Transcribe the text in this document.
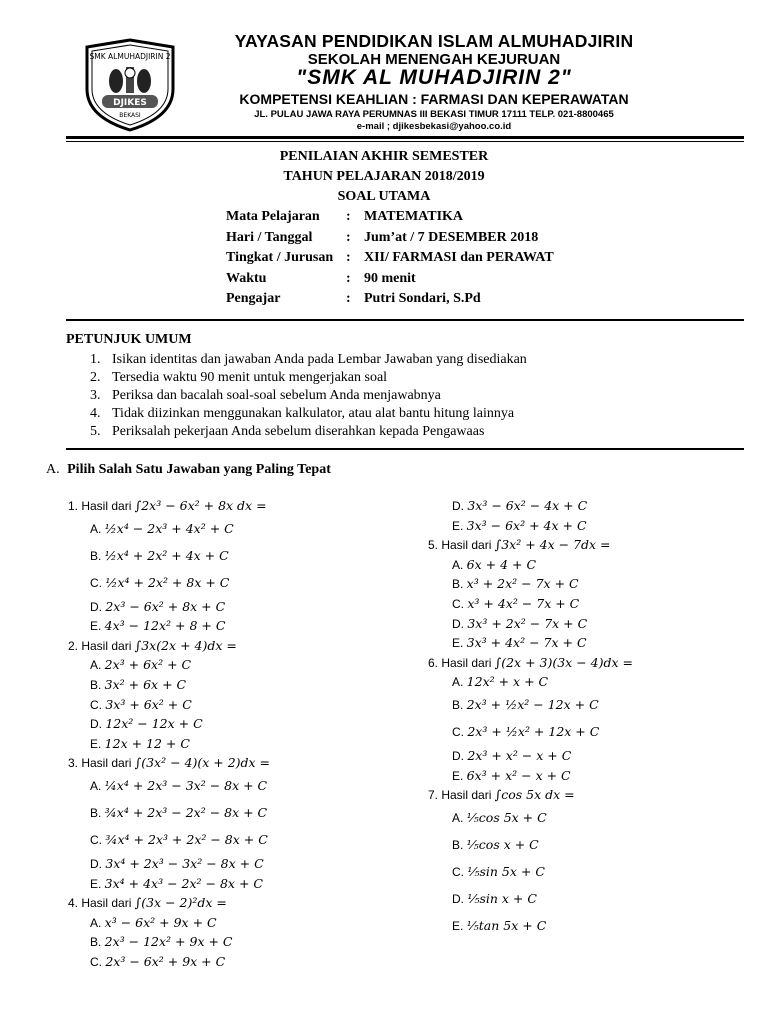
SMK ALMUHADJIRIN 2
DJIKES
BEKASI
YAYASAN PENDIDIKAN ISLAM ALMUHADJIRIN
SEKOLAH MENENGAH KEJURUAN
"SMK AL MUHADJIRIN 2"
KOMPETENSI KEAHLIAN : FARMASI DAN KEPERAWATAN
JL. PULAU JAWA RAYA PERUMNAS III BEKASI TIMUR 17111 TELP. 021-8800465
e-mail ; djikesbekasi@yahoo.co.id
PENILAIAN AKHIR SEMESTER
TAHUN PELAJARAN 2018/2019
SOAL UTAMA
Mata Pelajaran : MATEMATIKA
Hari / Tanggal : Jum’at / 7 DESEMBER 2018
Tingkat / Jurusan : XII/ FARMASI dan PERAWAT
Waktu	: 90 menit
Pengajar	: Putri Sondari, S.Pd
PETUNJUK UMUM
1. Isikan identitas dan jawaban Anda pada Lembar Jawaban yang disediakan
2. Tersedia waktu 90 menit untuk mengerjakan soal
3. Periksa dan bacalah soal-soal sebelum Anda menjawabnya
4. Tidak diizinkan menggunakan kalkulator, atau alat bantu hitung lainnya
5. Periksalah pekerjaan Anda sebelum diserahkan kepada Pengawaas
A. Pilih Salah Satu Jawaban yang Paling Tepat
1. Hasil dari ∫2x³ − 6x² + 8x dx =
A. ½x⁴ − 2x³ + 4x² + C
B. ½x⁴ + 2x² + 4x + C
C. ½x⁴ + 2x² + 8x + C
D. 2x³ − 6x² + 8x + C
E. 4x³ − 12x² + 8 + C
2. Hasil dari ∫3x(2x + 4)dx =
A. 2x³ + 6x² + C
B. 3x² + 6x + C
C. 3x³ + 6x² + C
D. 12x² − 12x + C
E. 12x + 12 + C
3. Hasil dari ∫(3x² − 4)(x + 2)dx =
A. ¼x⁴ + 2x³ − 3x² − 8x + C
B. ¾x⁴ + 2x³ − 2x² − 8x + C
C. ¾x⁴ + 2x³ + 2x² − 8x + C
D. 3x⁴ + 2x³ − 3x² − 8x + C
E. 3x⁴ + 4x³ − 2x² − 8x + C
4. Hasil dari ∫(3x − 2)²dx =
A. x³ − 6x² + 9x + C
B. 2x³ − 12x² + 9x + C
C. 2x³ − 6x² + 9x + C
D. 3x³ − 6x² − 4x + C
E. 3x³ − 6x² + 4x + C
5. Hasil dari ∫3x² + 4x − 7dx =
A. 6x + 4 + C
B. x³ + 2x² − 7x + C
C. x³ + 4x² − 7x + C
D. 3x³ + 2x² − 7x + C
E. 3x³ + 4x² − 7x + C
6. Hasil dari ∫(2x + 3)(3x − 4)dx =
A. 12x² + x + C
B. 2x³ + ½x² − 12x + C
C. 2x³ + ½x² + 12x + C
D. 2x³ + x² − x + C
E. 6x³ + x² − x + C
7. Hasil dari ∫cos 5x dx =
A. ⅕cos 5x + C
B. ⅕cos x + C
C. ⅕sin 5x + C
D. ⅕sin x + C
E. ⅕tan 5x + C
